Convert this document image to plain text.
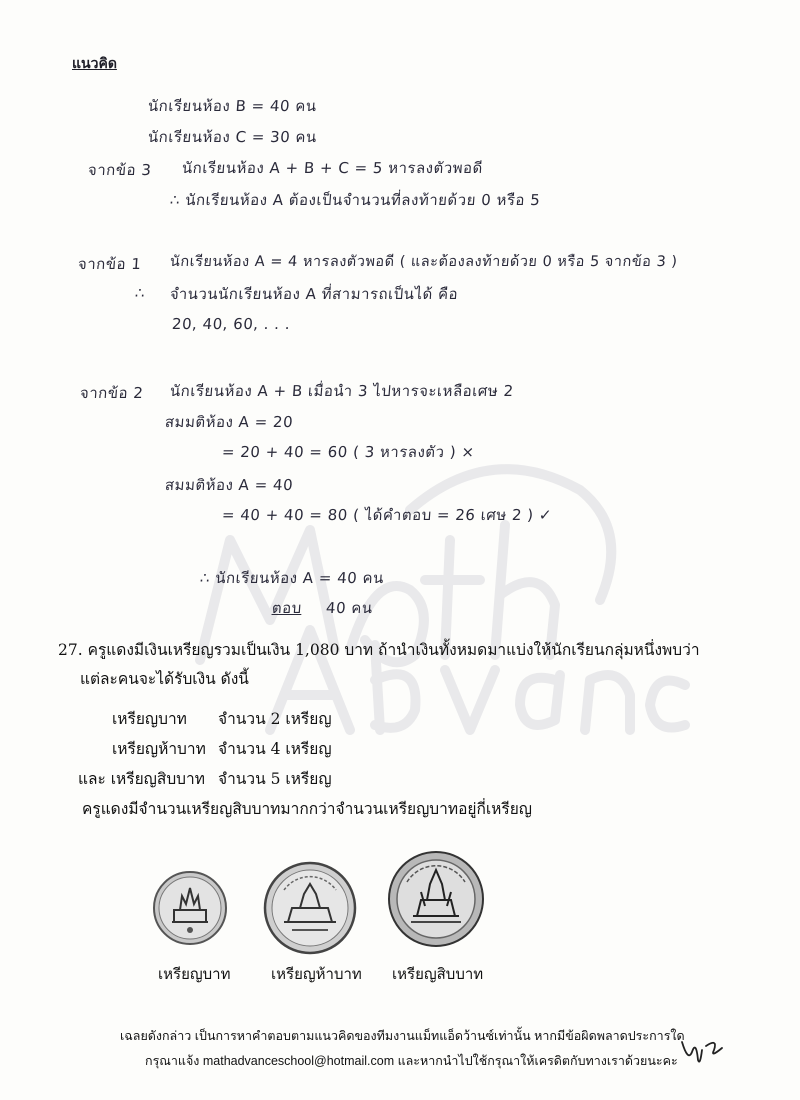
แนวคิด
นักเรียนห้อง B = 40 คน
นักเรียนห้อง C = 30 คน
จากข้อ 3 นักเรียนห้อง A + B + C = 5 หารลงตัวพอดี
∴ นักเรียนห้อง A ต้องเป็นจำนวนที่ลงท้ายด้วย 0 หรือ 5
จากข้อ 1 นักเรียนห้อง A = 4 หารลงตัวพอดี ( และต้องลงท้ายด้วย 0 หรือ 5 จากข้อ 3 )
∴ จำนวนนักเรียนห้อง A ที่สามารถเป็นได้ คือ
20, 40, 60, . . .
จากข้อ 2 นักเรียนห้อง A + B เมื่อนำ 3 ไปหารจะเหลือเศษ 2
สมมติห้อง A = 20
= 20 + 40 = 60 ( 3 หารลงตัว ) ×
สมมติห้อง A = 40
= 40 + 40 = 80 ( ได้คำตอบ = 26 เศษ 2 ) ✓
∴ นักเรียนห้อง A = 40 คน
ตอบ 40 คน
27. ครูแดงมีเงินเหรียญรวมเป็นเงิน 1,080 บาท ถ้านำเงินทั้งหมดมาแบ่งให้นักเรียนกลุ่มหนึ่งพบว่า
แต่ละคนจะได้รับเงิน ดังนี้
เหรียญบาท จำนวน 2 เหรียญ
เหรียญห้าบาท จำนวน 4 เหรียญ
และ เหรียญสิบบาท จำนวน 5 เหรียญ
ครูแดงมีจำนวนเหรียญสิบบาทมากกว่าจำนวนเหรียญบาทอยู่กี่เหรียญ
เหรียญบาท	เหรียญห้าบาท เหรียญสิบบาท
เฉลยดังกล่าว เป็นการหาคำตอบตามแนวคิดของทีมงานแม็ทแอ็ดว้านซ์เท่านั้น หากมีข้อผิดพลาดประการใด
กรุณาแจ้ง mathadvanceschool@hotmail.com และหากนำไปใช้กรุณาให้เครดิตกับทางเราด้วยนะคะ
